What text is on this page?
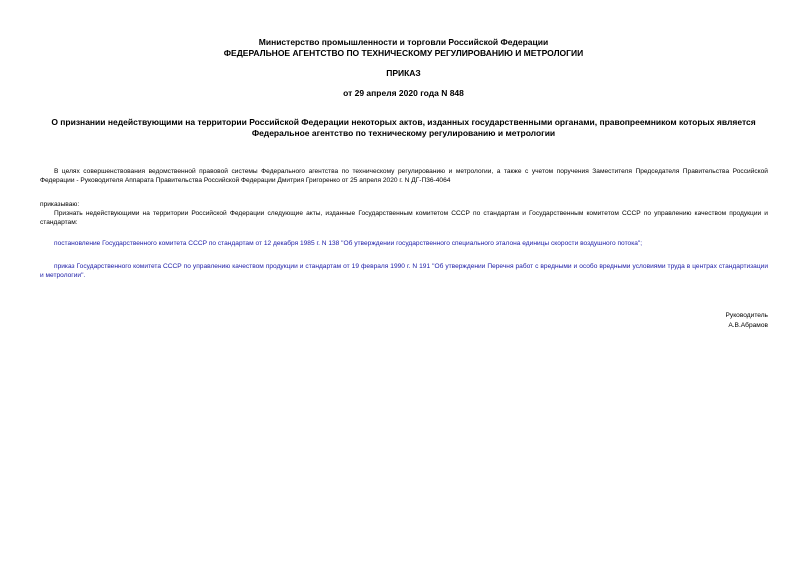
Министерство промышленности и торговли Российской Федерации
ФЕДЕРАЛЬНОЕ АГЕНТСТВО ПО ТЕХНИЧЕСКОМУ РЕГУЛИРОВАНИЮ И МЕТРОЛОГИИ
ПРИКАЗ
от 29 апреля 2020 года N 848
О признании недействующими на территории Российской Федерации некоторых актов, изданных государственными органами, правопреемником которых является Федеральное агентство по техническому регулированию и метрологии
В целях совершенствования ведомственной правовой системы Федерального агентства по техническому регулированию и метрологии, а также с учетом поручения Заместителя Председателя Правительства Российской Федерации - Руководителя Аппарата Правительства Российской Федерации Дмитрия Григоренко от 25 апреля 2020 г. N ДГ-П36-4064
приказываю:
Признать недействующими на территории Российской Федерации следующие акты, изданные Государственным комитетом СССР по стандартам и Государственным комитетом СССР по управлению качеством продукции и стандартам:
постановление Государственного комитета СССР по стандартам от 12 декабря 1985 г. N 138 "Об утверждении государственного специального эталона единицы скорости воздушного потока";
приказ Государственного комитета СССР по управлению качеством продукции и стандартам от 19 февраля 1990 г. N 191 "Об утверждении Перечня работ с вредными и особо вредными условиями труда в центрах стандартизации и метрологии".
Руководитель
А.В.Абрамов
